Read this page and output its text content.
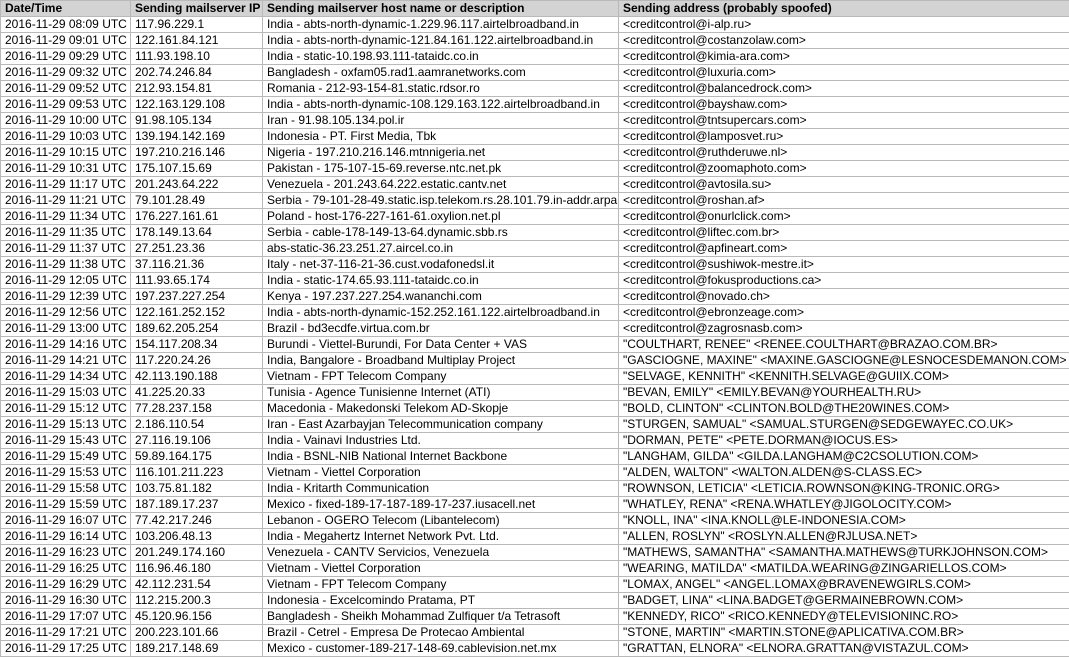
Date/Time	Sending mailserver IP	Sending mailserver host name or description	Sending address (probably spoofed)
2016-11-29 08:09 UTC	117.96.229.1	India - abts-north-dynamic-1.229.96.117.airtelbroadband.in	<creditcontrol@i-alp.ru>
2016-11-29 09:01 UTC	122.161.84.121	India - abts-north-dynamic-121.84.161.122.airtelbroadband.in	<creditcontrol@costanzolaw.com>
2016-11-29 09:29 UTC	111.93.198.10	India - static-10.198.93.111-tataidc.co.in	<creditcontrol@kimia-ara.com>
2016-11-29 09:32 UTC	202.74.246.84	Bangladesh - oxfam05.rad1.aamranetworks.com	<creditcontrol@luxuria.com>
2016-11-29 09:52 UTC	212.93.154.81	Romania - 212-93-154-81.static.rdsor.ro	<creditcontrol@balancedrock.com>
2016-11-29 09:53 UTC	122.163.129.108	India - abts-north-dynamic-108.129.163.122.airtelbroadband.in	<creditcontrol@bayshaw.com>
2016-11-29 10:00 UTC	91.98.105.134	Iran - 91.98.105.134.pol.ir	<creditcontrol@tntsupercars.com>
2016-11-29 10:03 UTC	139.194.142.169	Indonesia - PT. First Media, Tbk	<creditcontrol@lamposvet.ru>
2016-11-29 10:15 UTC	197.210.216.146	Nigeria - 197.210.216.146.mtnnigeria.net	<creditcontrol@ruthderuwe.nl>
2016-11-29 10:31 UTC	175.107.15.69	Pakistan - 175-107-15-69.reverse.ntc.net.pk	<creditcontrol@zoomaphoto.com>
2016-11-29 11:17 UTC	201.243.64.222	Venezuela - 201.243.64.222.estatic.cantv.net	<creditcontrol@avtosila.su>
2016-11-29 11:21 UTC	79.101.28.49	Serbia - 79-101-28-49.static.isp.telekom.rs.28.101.79.in-addr.arpa	<creditcontrol@roshan.af>
2016-11-29 11:34 UTC	176.227.161.61	Poland - host-176-227-161-61.oxylion.net.pl	<creditcontrol@onurlclick.com>
2016-11-29 11:35 UTC	178.149.13.64	Serbia - cable-178-149-13-64.dynamic.sbb.rs	<creditcontrol@liftec.com.br>
2016-11-29 11:37 UTC	27.251.23.36	abs-static-36.23.251.27.aircel.co.in	<creditcontrol@apfineart.com>
2016-11-29 11:38 UTC	37.116.21.36	Italy - net-37-116-21-36.cust.vodafonedsl.it	<creditcontrol@sushiwok-mestre.it>
2016-11-29 12:05 UTC	111.93.65.174	India - static-174.65.93.111-tataidc.co.in	<creditcontrol@fokusproductions.ca>
2016-11-29 12:39 UTC	197.237.227.254	Kenya - 197.237.227.254.wananchi.com	<creditcontrol@novado.ch>
2016-11-29 12:56 UTC	122.161.252.152	India - abts-north-dynamic-152.252.161.122.airtelbroadband.in	<creditcontrol@ebronzeage.com>
2016-11-29 13:00 UTC	189.62.205.254	Brazil - bd3ecdfe.virtua.com.br	<creditcontrol@zagrosnasb.com>
2016-11-29 14:16 UTC	154.117.208.34	Burundi - Viettel-Burundi, For Data Center + VAS	"COULTHART, RENEE" <RENEE.COULTHART@BRAZAO.COM.BR>
2016-11-29 14:21 UTC	117.220.24.26	India, Bangalore - Broadband Multiplay Project	"GASCIOGNE, MAXINE" <MAXINE.GASCIOGNE@LESNOCESDEMANON.COM>
2016-11-29 14:34 UTC	42.113.190.188	Vietnam - FPT Telecom Company	"SELVAGE, KENNITH" <KENNITH.SELVAGE@GUIIX.COM>
2016-11-29 15:03 UTC	41.225.20.33	Tunisia - Agence Tunisienne Internet (ATI)	"BEVAN, EMILY" <EMILY.BEVAN@YOURHEALTH.RU>
2016-11-29 15:12 UTC	77.28.237.158	Macedonia - Makedonski Telekom AD-Skopje	"BOLD, CLINTON" <CLINTON.BOLD@THE20WINES.COM>
2016-11-29 15:13 UTC	2.186.110.54	Iran - East Azarbayjan Telecommunication company	"STURGEN, SAMUAL" <SAMUAL.STURGEN@SEDGEWAYEC.CO.UK>
2016-11-29 15:43 UTC	27.116.19.106	India - Vainavi Industries Ltd.	"DORMAN, PETE" <PETE.DORMAN@IOCUS.ES>
2016-11-29 15:49 UTC	59.89.164.175	India - BSNL-NIB National Internet Backbone	"LANGHAM, GILDA" <GILDA.LANGHAM@C2CSOLUTION.COM>
2016-11-29 15:53 UTC	116.101.211.223	Vietnam - Viettel Corporation	"ALDEN, WALTON" <WALTON.ALDEN@S-CLASS.EC>
2016-11-29 15:58 UTC	103.75.81.182	India - Kritarth Communication	"ROWNSON, LETICIA" <LETICIA.ROWNSON@KING-TRONIC.ORG>
2016-11-29 15:59 UTC	187.189.17.237	Mexico - fixed-189-17-187-189-17-237.iusacell.net	"WHATLEY, RENA" <RENA.WHATLEY@JIGOLOCITY.COM>
2016-11-29 16:07 UTC	77.42.217.246	Lebanon - OGERO Telecom (Libantelecom)	"KNOLL, INA" <INA.KNOLL@LE-INDONESIA.COM>
2016-11-29 16:14 UTC	103.206.48.13	India - Megahertz Internet Network Pvt. Ltd.	"ALLEN, ROSLYN" <ROSLYN.ALLEN@RJLUSA.NET>
2016-11-29 16:23 UTC	201.249.174.160	Venezuela - CANTV Servicios, Venezuela	"MATHEWS, SAMANTHA" <SAMANTHA.MATHEWS@TURKJOHNSON.COM>
2016-11-29 16:25 UTC	116.96.46.180	Vietnam - Viettel Corporation	"WEARING, MATILDA" <MATILDA.WEARING@ZINGARIELLOS.COM>
2016-11-29 16:29 UTC	42.112.231.54	Vietnam - FPT Telecom Company	"LOMAX, ANGEL" <ANGEL.LOMAX@BRAVENEWGIRLS.COM>
2016-11-29 16:30 UTC	112.215.200.3	Indonesia - Excelcomindo Pratama, PT	"BADGET, LINA" <LINA.BADGET@GERMAINEBROWN.COM>
2016-11-29 17:07 UTC	45.120.96.156	Bangladesh - Sheikh Mohammad Zulfiquer t/a Tetrasoft	"KENNEDY, RICO" <RICO.KENNEDY@TELEVISIONINC.RO>
2016-11-29 17:21 UTC	200.223.101.66	Brazil - Cetrel - Empresa De Protecao Ambiental	"STONE, MARTIN" <MARTIN.STONE@APLICATIVA.COM.BR>
2016-11-29 17:25 UTC	189.217.148.69	Mexico - customer-189-217-148-69.cablevision.net.mx	"GRATTAN, ELNORA" <ELNORA.GRATTAN@VISTAZUL.COM>
